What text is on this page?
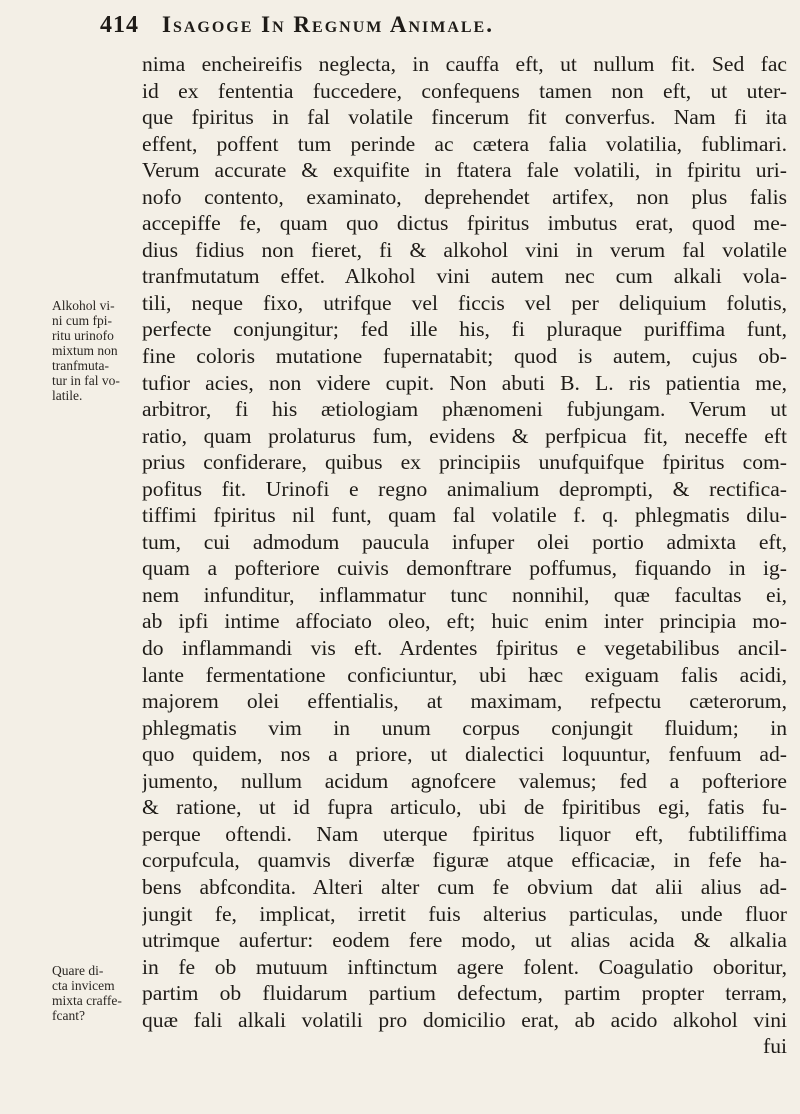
414 Isagoge In Regnum Animale.
Alkohol vi-
ni cum fpi-
ritu urinofo
mixtum non
tranfmuta-
tur in fal vo-
latile.
Quare di-
cta invicem
mixta craffe-
fcant?
nima encheireifis neglecta, in cauffa eft, ut nullum fit. Sed fac
id ex fententia fuccedere, confequens tamen non eft, ut uter-
que fpiritus in fal volatile fincerum fit converfus. Nam fi ita
effent, poffent tum perinde ac cætera falia volatilia, fublimari.
Verum accurate & exquifite in ftatera fale volatili, in fpiritu uri-
nofo contento, examinato, deprehendet artifex, non plus falis
accepiffe fe, quam quo dictus fpiritus imbutus erat, quod me-
dius fidius non fieret, fi & alkohol vini in verum fal volatile
tranfmutatum effet. Alkohol vini autem nec cum alkali vola-
tili, neque fixo, utrifque vel ficcis vel per deliquium folutis,
perfecte conjungitur; fed ille his, fi pluraque puriffima funt,
fine coloris mutatione fupernatabit; quod is autem, cujus ob-
tufior acies, non videre cupit. Non abuti B. L. ris patientia me,
arbitror, fi his ætiologiam phænomeni fubjungam. Verum ut
ratio, quam prolaturus fum, evidens & perfpicua fit, neceffe eft
prius confiderare, quibus ex principiis unufquifque fpiritus com-
pofitus fit. Urinofi e regno animalium deprompti, & rectifica-
tiffimi fpiritus nil funt, quam fal volatile f. q. phlegmatis dilu-
tum, cui admodum paucula infuper olei portio admixta eft,
quam a pofteriore cuivis demonftrare poffumus, fiquando in ig-
nem infunditur, inflammatur tunc nonnihil, quæ facultas ei,
ab ipfi intime affociato oleo, eft; huic enim inter principia mo-
do inflammandi vis eft. Ardentes fpiritus e vegetabilibus ancil-
lante fermentatione conficiuntur, ubi hæc exiguam falis acidi,
majorem olei effentialis, at maximam, refpectu cæterorum,
phlegmatis vim in unum corpus conjungit fluidum; in
quo quidem, nos a priore, ut dialectici loquuntur, fenfuum ad-
jumento, nullum acidum agnofcere valemus; fed a pofteriore
& ratione, ut id fupra articulo, ubi de fpiritibus egi, fatis fu-
perque oftendi. Nam uterque fpiritus liquor eft, fubtiliffima
corpufcula, quamvis diverfæ figuræ atque efficaciæ, in fefe ha-
bens abfcondita. Alteri alter cum fe obvium dat alii alius ad-
jungit fe, implicat, irretit fuis alterius particulas, unde fluor
utrimque aufertur: eodem fere modo, ut alias acida & alkalia
in fe ob mutuum inftinctum agere folent. Coagulatio oboritur,
partim ob fluidarum partium defectum, partim propter terram,
quæ fali alkali volatili pro domicilio erat, ab acido alkohol vini
fui
